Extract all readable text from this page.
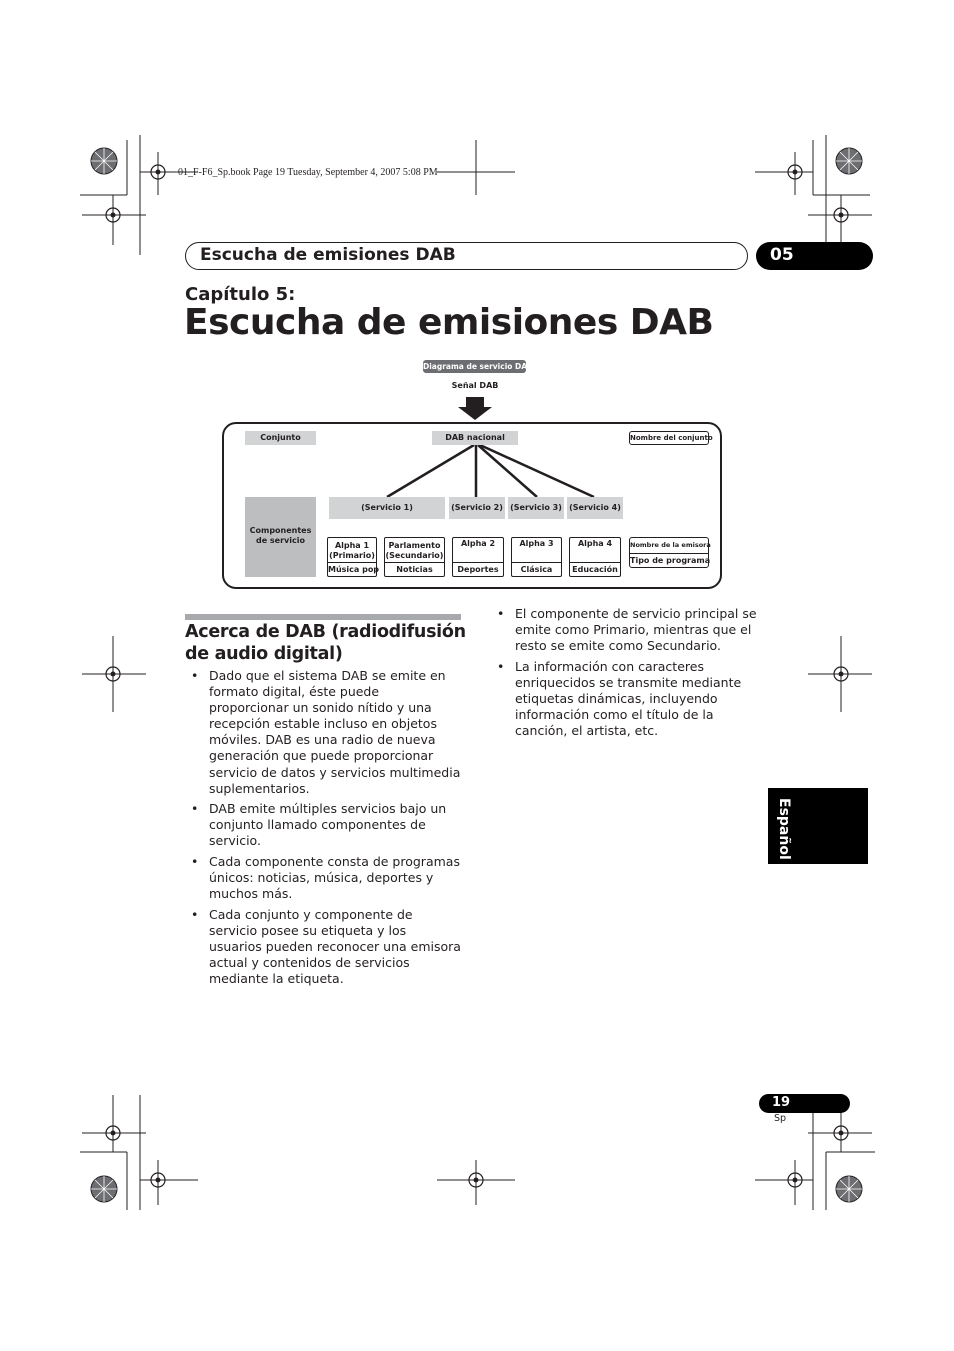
01_F-F6_Sp.book Page 19 Tuesday, September 4, 2007 5:08 PM
Escucha de emisiones DAB	05
Capítulo 5:
Escucha de emisiones DAB
Diagrama de servicio DAB
Señal DAB
Conjunto	DAB nacional	Nombre del conjunto
Componentes de servicio
(Servicio 1)	(Servicio 2) (Servicio 3) (Servicio 4)
Alpha 1
(Primario)
Música pop
Parlamento
(Secundario)
Noticias
Alpha 2
Deportes
Alpha 3
Clásica
Alpha 4
Educación
Nombre de la emisora
Tipo de programa
Acerca de DAB (radiodifusión de audio digital)
• Dado que el sistema DAB se emite en formato digital, éste puede proporcionar un sonido nítido y una recepción estable incluso en objetos móviles. DAB es una radio de nueva generación que puede proporcionar servicio de datos y servicios multimedia suplementarios.
• DAB emite múltiples servicios bajo un conjunto llamado componentes de servicio.
• Cada componente consta de programas únicos: noticias, música, deportes y muchos más.
• Cada conjunto y componente de servicio posee su etiqueta y los usuarios pueden reconocer una emisora actual y contenidos de servicios mediante la etiqueta.
• El componente de servicio principal se emite como Primario, mientras que el resto se emite como Secundario.
• La información con caracteres enriquecidos se transmite mediante etiquetas dinámicas, incluyendo información como el título de la canción, el artista, etc.
Español
19
Sp
